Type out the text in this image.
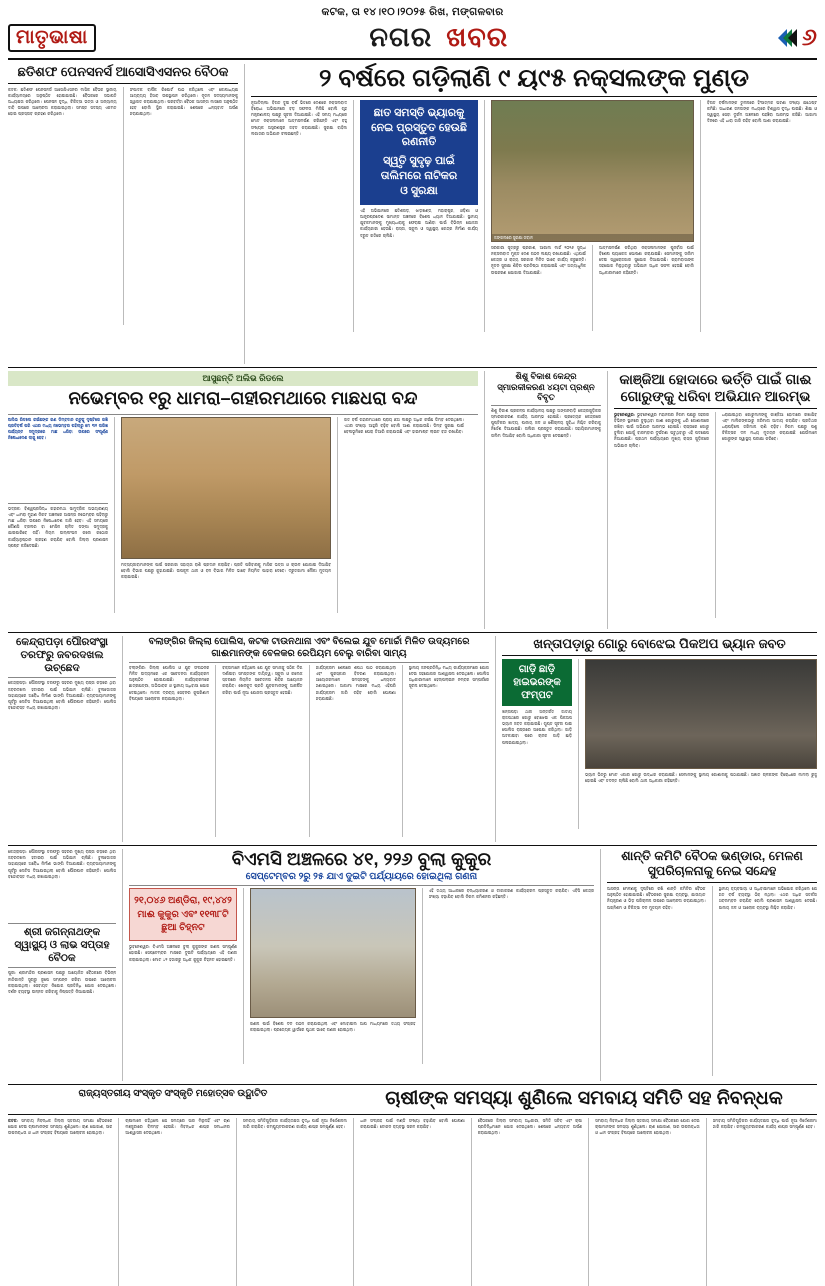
କଟକ, ତା ୧୪।୧୦।୨୦୨୫ ରିଖ, ମଙ୍ଗଳବାର
ମାତୃଭାଷା	ନଗର ଖବର	୬
ଛତିଶଫ ପେନସନର୍ସ ଆସୋସିଏସନର ବୈଠକ
କଟକ: ଛତିଶଫ ପେନସନର୍ସ ଆସୋସିଏସନର ମାସିକ ବୈଠକ ସ୍ଥାନୀୟ କାର୍ଯ୍ୟାଳୟରେ ଅନୁଷ୍ଠିତ ହୋଇଯାଇଛି। ବୈଠକରେ ସଭାପତି ଅଧ୍ୟକ୍ଷତା କରିଥିଲେ। ପେନସନ ବୃଦ୍ଧି, ଚିକିତ୍ସା ଭତ୍ତା ଓ ଅନ୍ୟାନ୍ୟ ଦାବି ଉପରେ ଆଲୋଚନା କରାଯାଇଥିଲା। ସମସ୍ତ ସଦସ୍ୟ ଏକମତ ହୋଇ ପ୍ରସ୍ତାବ ଗ୍ରହଣ କରିଥିଲେ।
ସଂପାଦକ ବାର୍ଷିକ ରିପୋର୍ଟ ପାଠ କରିଥିଲେ ଏବଂ କୋଷାଧ୍ୟକ୍ଷ ଆୟବ୍ୟୟ ହିସାବ ଉପସ୍ଥାପନ କରିଥିଲେ। ନୂତନ ସଦସ୍ୟମାନଙ୍କୁ ସ୍ୱାଗତ କରାଯାଇଥିଲା। ପରବର୍ତ୍ତୀ ବୈଠକ ଆସନ୍ତା ମାସରେ ଅନୁଷ୍ଠିତ ହେବ ବୋଲି ସ୍ଥିର କରାଯାଇଛି। ଶେଷରେ ଧନ୍ୟବାଦ ଅର୍ପଣ କରାଯାଇଥିଲା।
୨ ବର୍ଷରେ ଗଡ଼ିଲାଣି ୯ ୟ୯୫ ନକ୍ସଲଙ୍କ ମୁଣ୍ଡ
ନୂଆଦିଲ୍ଲୀ: ବିଗତ ଦୁଇ ବର୍ଷ ଭିତରେ ଦେଶରେ ନକ୍ସଲବାଦ ବିରୋଧୀ ଅଭିଯାନରେ ବଡ଼ ସଫଳତା ମିଳିଛି ବୋଲି ଗୃହ ମନ୍ତ୍ରଣାଳୟ ପକ୍ଷରୁ ସୂଚନା ଦିଆଯାଇଛି। ଏହି ସମୟ ମଧ୍ୟରେ ମୋଟ ନକ୍ସଲମାନେ ଆତ୍ମସମର୍ପଣ କରିଛନ୍ତି ଏବଂ ବହୁ ସଂଖ୍ୟକ ଅସ୍ତ୍ରଶସ୍ତ୍ର ଜବତ କରାଯାଇଛି। ସୁରକ୍ଷା ବାହିନୀ ଲଗାତାର ଅଭିଯାନ ଚଳାଇଛନ୍ତି।
ଛାତ ସମସ୍ତି ଭ୍ୟାରକୁ
ନେଇ ପ୍ରସ୍ତୁତ ହେଉଛି
ରଣନୀତି
ସ୍ୱୃତି ସୁଦୃଢ଼ ପାଇଁ
ତାଲିମରେ ନାଟିକର
ଓ ସୁରକ୍ଷା
ଏହି ଅଭିଯାନରେ ଛତିଶଗଡ଼, ଝାଡ଼ଖଣ୍ଡ, ମହାରାଷ୍ଟ୍ର, ଓଡ଼ିଶା ଓ ଆନ୍ଧ୍ରପ୍ରଦେଶ ସୀମାନ୍ତ ଅଞ୍ଚଳରେ ବିଶେଷ ଧ୍ୟାନ ଦିଆଯାଇଛି। ସ୍ଥାନୀୟ ଯୁବକମାନଙ୍କୁ ମୁଖ୍ୟଧାରାକୁ ଫେରାଇ ଆଣିବା ପାଇଁ ବିଭିନ୍ନ ଯୋଜନା କାର୍ଯ୍ୟକାରୀ ହେଉଛି। ରାସ୍ତା, ସ୍କୁଲ ଓ ସ୍ୱାସ୍ଥ୍ୟ କେନ୍ଦ୍ର ନିର୍ମାଣ କାର୍ଯ୍ୟ ଦ୍ରୁତ ଗତିରେ ଚାଲିଛି।	ଜଙ୍ଗଲରେ ସୁରକ୍ଷା ଜବାନ
ସରକାରୀ ସୂତ୍ରରୁ ପ୍ରକାଶ, ଆଗାମୀ ମାର୍ଚ୍ଚ ୨୦୨୬ ସୁଦ୍ଧା ନକ୍ସଲବାଦ ମୁକ୍ତ ଦେଶ ଗଠନ ଲକ୍ଷ୍ୟ ରଖାଯାଇଛି। ଏଥିପାଇଁ କେନ୍ଦ୍ର ଓ ରାଜ୍ୟ ସରକାର ମିଳିତ ଭାବେ କାର୍ଯ୍ୟ କରୁଛନ୍ତି। ନୂତନ ସୁରକ୍ଷା ଶିବିର ପ୍ରତିଷ୍ଠା କରାଯାଇଛି ଏବଂ ଅତ୍ୟାଧୁନିକ ଉପକରଣ ଯୋଗାଇ ଦିଆଯାଇଛି।
ଆତ୍ମସମର୍ପଣ କରିଥିବା ନକ୍ସଲମାନଙ୍କ ପୁନର୍ବାସ ପାଇଁ ବିଶେଷ ପ୍ୟାକେଜ ଘୋଷଣା କରାଯାଇଛି। ସେମାନଙ୍କୁ ତାଲିମ ଦେଇ ସ୍ୱରୋଜଗାର ସୁଯୋଗ ଦିଆଯାଉଛି। ଗ୍ରାମବାସୀଙ୍କ ସହଯୋଗ ମିଳୁଥିବାରୁ ଅଭିଯାନ ଅଧିକ ସଫଳ ହେଉଛି ବୋଲି ଅଧିକାରୀମାନେ କହିଛନ୍ତି।
ବିଗତ ବର୍ଷମାନଙ୍କ ତୁଳନାରେ ହିଂସାତ୍ମକ ଘଟଣା ସଂଖ୍ୟା ଯଥେଷ୍ଟ କମିଛି। ସାଧାରଣ ଜନତାଙ୍କ ମଧ୍ୟରେ ବିଶ୍ୱାସ ବୃଦ୍ଧି ପାଇଛି। ଶିକ୍ଷା ଓ ସ୍ୱାସ୍ଥ୍ୟ ସେବା ଦୁର୍ଗମ ଅଞ୍ଚଳରେ ପହଞ୍ଚିବା ଆରମ୍ଭ କରିଛି। ଆଗାମୀ ଦିନରେ ଏହି ଧାରା ଜାରି ରହିବ ବୋଲି ଆଶା କରାଯାଉଛି।
ଆସୁଛନ୍ତି ଅଲିଭ ରିଡଲେ
ନଭେମ୍ବର ୧ରୁ ଧାମରା–ଗହୀରମଥାରେ ମାଛଧରା ବନ୍ଦ
ଅଲିଭ ରିଡଲେ କଇଁଛଙ୍କ ଗଣ ଡିମ୍ବଦାନ ଋତୁକୁ ଦୃଷ୍ଟିରେ ରଖି ପ୍ରତିବର୍ଷ ପରି ଏଥର ମଧ୍ୟ ନଭେମ୍ବର ପହିଲାରୁ ମେ ୩୧ ତାରିଖ ପର୍ଯ୍ୟନ୍ତ ସମୁଦ୍ରରେ ମାଛ ଧରିବା ଉପରେ ସଂପୂର୍ଣ୍ଣ ନିଷେଧାଦେଶ ଲାଗୁ ହେବ।
ଭଦ୍ରକ: ବିଶ୍ୱପ୍ରସିଦ୍ଧ ଗହୀରମଥା ସାମୁଦ୍ରିକ ଅଭୟାରଣ୍ୟ ଏବଂ ଧାମରା ମୁହାଣ ନିକଟ ଅଞ୍ଚଳରେ ଆସନ୍ତା ନଭେମ୍ବର ପହିଲାରୁ ମାଛ ଧରିବା ଉପରେ ନିଷେଧାଦେଶ ଜାରି ହେବ। ଏହି ସମୟରେ କୌଣସି ଟ୍ରଲର ବା ମେସିନ ଚାଳିତ ଡଙ୍ଗା ସମୁଦ୍ରକୁ ଯାଇପାରିବେ ନାହିଁ। ନିୟମ ଉଲ୍ଲଂଘନ କଲେ କଠୋର କାର୍ଯ୍ୟାନୁଷ୍ଠାନ ଗ୍ରହଣ କରାଯିବ ବୋଲି ଜିଲ୍ଲା ପ୍ରଶାସନ ସ୍ପଷ୍ଟ କରିଦେଇଛି।
ମତ୍ସ୍ୟଜୀବୀମାନଙ୍କ ପାଇଁ ସରକାରୀ ସହାୟତା ରାଶି ପ୍ରଦାନ କରାଯିବ। ପ୍ରତି ପରିବାରକୁ ମାସିକ ଭତ୍ତା ଓ ଚାଉଳ ଯୋଗାଇ ଦିଆଯିବ ବୋଲି ବିଭାଗ ପକ୍ଷରୁ କୁହାଯାଇଛି। ଉପକୂଳ ଥାନା ଓ ବନ ବିଭାଗ ମିଳିତ ଭାବେ ନିୟମିତ ପାହାରା ଦେବେ। ଦ୍ରୁତଗାମୀ ନୌକା ମୁତୟନ କରାଯାଇଛି।
ଗତ ବର୍ଷ ଗହୀରମଥାରେ ପ୍ରାୟ ଛଅ ଲକ୍ଷରୁ ଅଧିକ କଇଁଛ ଡିମ୍ବ ଦେଇଥିଲେ। ଏଥର ସଂଖ୍ୟା ଆହୁରି ବଢ଼ିବ ବୋଲି ଆଶା କରାଯାଉଛି। ଡିମ୍ବ ସୁରକ୍ଷା ପାଇଁ ବେଳାଭୂମିରେ ଘେରା ତିଆରି କରାଯାଉଛି ଏବଂ ହାଇମାଷ୍ଟ ଲାଇଟ ବନ୍ଦ ରଖାଯିବ।
ଶିଶୁ ବିକାଶ କେନ୍ଦ୍ର ସ୍ମାରକୀକରଣ ୪ୟଟା ପ୍ରଶ୍ନ ବିବୃତ
ଶିଶୁ ବିକାଶ ପ୍ରକଳ୍ପ କାର୍ଯ୍ୟାଳୟ ପକ୍ଷରୁ ଅଙ୍ଗନବାଡ଼ି କେନ୍ଦ୍ରଗୁଡ଼ିକର ସ୍ମାରକୀକରଣ କାର୍ଯ୍ୟ ଆରମ୍ଭ ହୋଇଛି। ପ୍ରତ୍ୟେକ କେନ୍ଦ୍ରରେ ପୁଷ୍ଟିକର ଖାଦ୍ୟ, ପାନୀୟ ଜଳ ଓ ଶୌଚାଳୟ ସୁବିଧା ନିଶ୍ଚିତ କରିବାକୁ ନିର୍ଦ୍ଦେଶ ଦିଆଯାଇଛି। ତାଲିକା ପ୍ରସ୍ତୁତ କରାଯାଉଛି। ସହାୟିକାମାନଙ୍କୁ ତାଲିମ ଦିଆଯିବ ବୋଲି ଅଧିକାରୀ ସୂଚନା ଦେଇଛନ୍ତି।
କାଞ୍ଜିଆ ହୋଦାରେ ଭର୍ତ୍ତି ପାଇଁ ଗାଈ ଗୋରୁଙ୍କୁ ଧରିବା ଅଭିଯାନ ଆରମ୍ଭ
ଭୁବନେଶ୍ୱର: ଭୁବନେଶ୍ୱର ମହାନଗର ନିଗମ ପକ୍ଷରୁ ସହରର ବିଭିନ୍ନ ସ୍ଥାନରେ ବୁଲୁଥିବା ଗାଈ ଗୋରୁଙ୍କୁ ଧରି ଗୋଶାଳାରେ ରଖିବା ପାଇଁ ଅଭିଯାନ ଆରମ୍ଭ ହୋଇଛି। ରାସ୍ତାରେ ଗୋରୁ ବୁଲିବା ଯୋଗୁଁ ବାରମ୍ବାର ଦୁର୍ଘଟଣା ଘଟୁଥିବାରୁ ଏହି ପଦକ୍ଷେପ ନିଆଯାଇଛି। ପ୍ରଥମ ପର୍ଯ୍ୟାୟରେ ମୁଖ୍ୟ ରାସ୍ତା ଗୁଡ଼ିକରେ ଅଭିଯାନ ଚାଲିବ।
ଧରାଯାଇଥିବା ଗୋରୁମାନଙ୍କୁ କାଞ୍ଜିଆ ହୋଦାରେ ରଖାଯିବ ଏବଂ ମାଲିକଙ୍କଠାରୁ ଜରିମାନା ଆଦାୟ କରାଯିବ। ପ୍ରତିଥର ଧରାପଡ଼ିଲେ ଜରିମାନା ରାଶି ବଢ଼ିବ। ନିଗମ ପକ୍ଷରୁ ପଶୁ ଚିକିତ୍ସକ ଦଳ ମଧ୍ୟ ମୁତୟନ କରାଯାଇଛି ଯେଉଁମାନେ ଗୋରୁଙ୍କ ସ୍ୱାସ୍ଥ୍ୟ ପରୀକ୍ଷା କରିବେ।
କେନ୍ଦ୍ରାପଡ଼ା ପୌରସଂସ୍ଥା ତରଫରୁ ଜବରଦଖଲ ଉଚ୍ଛେଦ
କେନ୍ଦ୍ରାପଡ଼ା: ପୌରସଂସ୍ଥା ତରଫରୁ ସହରର ମୁଖ୍ୟ ରାସ୍ତା କଡ଼ରେ ଥିବା ଜବରଦଖଲ ହଟାଇବା ପାଇଁ ଅଭିଯାନ ଚାଲିଛି। ବୁଲଡୋଜର ସାହାଯ୍ୟରେ ଅବୈଧ ନିର୍ମାଣ ଭାଙ୍ଗି ଦିଆଯାଇଛି। ବ୍ୟବସାୟୀମାନଙ୍କୁ ପୂର୍ବରୁ ନୋଟିସ ଦିଆଯାଇଥିଲା ବୋଲି ପୌରପାଳ କହିଛନ୍ତି। ପୋଲିସ ବନ୍ଦୋବସ୍ତ ମଧ୍ୟ ରଖାଯାଇଥିଲା।
ବଲାଙ୍ଗିର ଜିଲ୍ଲା ପୋଲିସ, କଟକ ଟାଉନଥାନା ଏବଂ ବିଲେଇ ଯୁବ ମୋର୍ଚ୍ଚା ମିଳିତ ଉଦ୍ୟମରେ ଗାଈମାନଙ୍କ ବେଳକର ରେପିୟମ ବେଲୁ ବାରିବା ସାମ୍ୟ
ବଲାଙ୍ଗିର: ଜିଲ୍ଲା ପୋଲିସ ଓ ଯୁବ ସଂଗଠନର ମିଳିତ ଉଦ୍ୟମରେ ଏକ ସଚେତନତା କାର୍ଯ୍ୟକ୍ରମ ଅନୁଷ୍ଠିତ ହୋଇଯାଇଛି। କାର୍ଯ୍ୟକ୍ରମରେ ଛାତ୍ରଛାତ୍ରୀ, ଅଭିଭାବକ ଓ ସ୍ଥାନୀୟ ଅଧିବାସୀ ଯୋଗ ଦେଇଥିଲେ। ମାଦକ ଦ୍ରବ୍ୟ ସେବନର କୁପରିଣାମ ବିଷୟରେ ଆଲୋଚନା କରାଯାଇଥିଲା।
ବକ୍ତାମାନେ କହିଥିଲେ ଯେ ଯୁବ ସମାଜକୁ ସଠିକ ଦିଗ ଦର୍ଶାଇବା ସମସ୍ତଙ୍କ ଦାୟିତ୍ୱ। ସ୍କୁଲ ଓ କଲେଜ ସ୍ତରରେ ନିୟମିତ ସଚେତନତା ଶିବିର ଆୟୋଜନ କରାଯିବ। ଖେଳକୁଦ ପ୍ରତି ଯୁବକମାନଙ୍କୁ ଆକର୍ଷିତ କରିବା ପାଇଁ ନୂଆ ଯୋଜନା ପ୍ରସ୍ତୁତ ହେଉଛି।
କାର୍ଯ୍ୟକ୍ରମ ଶେଷରେ ଶପଥ ପାଠ କରାଯାଇଥିଲା ଏବଂ ପୁରସ୍କାର ବିତରଣ କରାଯାଇଥିଲା। ଆୟୋଜକମାନେ ସମସ୍ତଙ୍କୁ ଧନ୍ୟବାଦ ଜଣାଇଥିଲେ। ଆଗାମୀ ମାସରେ ମଧ୍ୟ ଏହିପରି କାର୍ଯ୍ୟକ୍ରମ ଜାରି ରହିବ ବୋଲି ଘୋଷଣା କରାଯାଇଛି।
ସ୍ଥାନୀୟ ଜନପ୍ରତିନିଧି ମଧ୍ୟ କାର୍ଯ୍ୟକ୍ରମରେ ଯୋଗ ଦେଇ ସହଯୋଗର ଆଶ୍ୱାସନା ଦେଇଥିଲେ। ପୋଲିସ ଅଧିକାରୀମାନେ ହେଲ୍ପଲାଇନ ନମ୍ବର ସମ୍ପର୍କରେ ସୂଚନା ଦେଇଥିଲେ।
ଖନ୍ତାପଡ଼ାରୁ ଗୋରୁ ବୋଝେଇ ପିକଅପ ଭ୍ୟାନ ଜବତ
ଗାଡ଼ି ଛାଡ଼ି ହାଇଭରଙ୍କ ଫମ୍ପଟ
ଖନ୍ତାପଡ଼ା ଥାନା ଅନ୍ତର୍ଗତ ଜାତୀୟ ରାଜପଥରେ ଗୋରୁ ବୋଝେଇ ଏକ ପିକଅପ ଭ୍ୟାନ ଜବତ କରାଯାଇଛି। ଗୁପ୍ତ ସୂଚନା ପାଇ ପୋଲିସ ରାସ୍ତାରେ ଅପେକ୍ଷା କରିଥିଲା। ଗାଡ଼ି ଅଟକାଇବା ପରେ ଚାଳକ ଗାଡ଼ି ଛାଡ଼ି ପଳାଇଯାଇଥିଲା।
ଭ୍ୟାନ ଭିତରୁ ମୋଟ ଏଗାର ଗୋରୁ ଉଦ୍ଧାର କରାଯାଇଛି। ସେମାନଙ୍କୁ ସ୍ଥାନୀୟ ଗୋଶାଳାକୁ ପଠାଯାଇଛି। ଅଜ୍ଞାତ ଚାଳକଙ୍କ ବିରୋଧରେ ମାମଲା ରୁଜୁ ହୋଇଛି ଏବଂ ତଦନ୍ତ ଚାଲିଛି ବୋଲି ଥାନା ଅଧିକାରୀ କହିଛନ୍ତି।
କେନ୍ଦ୍ରାପଡ଼ା: ପୌରସଂସ୍ଥା ତରଫରୁ ସହରର ମୁଖ୍ୟ ରାସ୍ତା କଡ଼ରେ ଥିବା ଜବରଦଖଲ ହଟାଇବା ପାଇଁ ଅଭିଯାନ ଚାଲିଛି। ବୁଲଡୋଜର ସାହାଯ୍ୟରେ ଅବୈଧ ନିର୍ମାଣ ଭାଙ୍ଗି ଦିଆଯାଇଛି। ବ୍ୟବସାୟୀମାନଙ୍କୁ ପୂର୍ବରୁ ନୋଟିସ ଦିଆଯାଇଥିଲା ବୋଲି ପୌରପାଳ କହିଛନ୍ତି। ପୋଲିସ ବନ୍ଦୋବସ୍ତ ମଧ୍ୟ ରଖାଯାଇଥିଲା।
ଶ୍ରୀ ଜଗନ୍ନାଥଙ୍କ ସ୍ୱାସ୍ଥ୍ୟ ଓ ଲାଭ ସପ୍ତାହ ବୈଠକ
ପୁରୀ: ଶ୍ରୀମନ୍ଦିର ପ୍ରଶାସନ ପକ୍ଷରୁ ଆୟୋଜିତ ବୈଠକରେ ବିଭିନ୍ନ ନୀତିକାନ୍ତି ସୁଚାରୁ ରୂପେ ସମ୍ପନ୍ନ କରିବା ଉପରେ ଆଲୋଚନା କରାଯାଇଥିଲା। ସେବାୟତ ନିଯୋଗ ପ୍ରତିନିଧି ଯୋଗ ଦେଇଥିଲେ। ଦର୍ଶନ ବ୍ୟବସ୍ଥା ଉନ୍ନତ କରିବାକୁ ନିଷ୍ପତ୍ତି ନିଆଯାଇଛି।
ବିଏମସି ଅଞ୍ଚଳରେ ୪୧, ୨୨୬ ବୁଲା କୁକୁର
ସେପ୍ଟେମ୍ବର ୨ରୁ ୨୫ ଯାଏ ଦୁଇଟି ପର୍ଯ୍ୟାୟରେ ହୋଇଥିଲା ଗଣନା
୨୧,୦୪୬ ଅଣ୍ଡିରା, ୧୯,୪୪୨ ମାଈ କୁକୁର ଏବଂ ୧୧୩୮ଟି ଛୁଆ ଚିହ୍ନଟ
ଭୁବନେଶ୍ୱର: ବିଏମସି ଅଞ୍ଚଳରେ ବୁଲା କୁକୁରଙ୍କ ଗଣନା ସମ୍ପୂର୍ଣ୍ଣ ହୋଇଛି। ସେପ୍ଟେମ୍ବର ମାସରେ ଦୁଇଟି ପର୍ଯ୍ୟାୟରେ ଏହି ଗଣନା କରାଯାଇଥିଲା। ମୋଟ ୪୧ ହଜାରରୁ ଅଧିକ କୁକୁର ଚିହ୍ନଟ ହୋଇଛନ୍ତି।
ଗଣନା ପାଇଁ ବିଶେଷ ଦଳ ଗଠନ କରାଯାଇଥିଲା ଏବଂ ମୋବାଇଲ ଆପ ମାଧ୍ୟମରେ ତଥ୍ୟ ସଂଗ୍ରହ କରାଯାଇଥିଲା। ପ୍ରତ୍ୟେକ ୱାର୍ଡରେ ପୃଥକ ଭାବେ ଗଣନା ହୋଇଥିଲା।
ଏହି ତଥ୍ୟ ଆଧାରରେ ବନ୍ଧ୍ୟାକରଣ ଓ ଟୀକାକରଣ କାର୍ଯ୍ୟକ୍ରମ ପ୍ରସ୍ତୁତ କରାଯିବ। ଏବିସି କେନ୍ଦ୍ର ସଂଖ୍ୟା ବଢ଼ାଯିବ ବୋଲି ନିଗମ କମିଶନର କହିଛନ୍ତି।
ଶାନ୍ତି କମିଟି ବୈଠକ ଭଣ୍ଡାର, ମେଳଣ ସୁପରିଚାଳନାକୁ ନେଇ ସନ୍ଦେହ
ଆସନ୍ତା ମେଳଣକୁ ଦୃଷ୍ଟିରେ ରଖି ଶାନ୍ତି କମିଟିର ବୈଠକ ଅନୁଷ୍ଠିତ ହୋଇଯାଇଛି। ବୈଠକରେ ସୁରକ୍ଷା ବ୍ୟବସ୍ଥା, ଯାତାୟାତ ନିୟନ୍ତ୍ରଣ ଓ ଭିଡ଼ ପରିଚାଳନା ଉପରେ ଆଲୋଚନା କରାଯାଇଥିଲା। ଅଗ୍ନିଶମ ଓ ଚିକିତ୍ସା ଦଳ ମୁତୟନ ରହିବ।
ସ୍ଥାନୀୟ ବ୍ୟବସାୟୀ ଓ ଅଧିବାସୀମାନେ ଅଭିଯୋଗ କରିଥିଲେ ଯେ ଗତ ବର୍ଷ ବ୍ୟବସ୍ଥା ଠିକ୍ ନଥିଲା। ଏଥର ଅଧିକ ସତର୍କତା ଅବଲମ୍ବନ କରାଯିବ ବୋଲି ପ୍ରଶାସନ ଆଶ୍ୱାସନା ଦେଇଛି। ପାନୀୟ ଜଳ ଓ ଆଲୋକ ବ୍ୟବସ୍ଥା ନିଶ୍ଚିତ କରାଯିବ।
ରାଜ୍ୟସ୍ତରୀୟ ସଂସ୍କୃତ ସଂସ୍କୃତି ମହୋତ୍ସବ ଉଦ୍ଘାଟିତ	ଚାଷୀଙ୍କ ସମସ୍ୟା ଶୁଣିଲେ ସମବାୟ ସମିତି ସହ ନିବନ୍ଧକ
କଟକ: ସମବାୟ ନିବନ୍ଧକ ଜିଲ୍ଲା ସ୍ତରୀୟ ସମୀକ୍ଷା ବୈଠକରେ ଯୋଗ ଦେଇ ଚାଷୀମାନଙ୍କ ସମସ୍ୟା ଶୁଣିଥିଲେ। ଋଣ ଯୋଗାଣ, ସାର ଉପଲବ୍ଧତା ଓ ଧାନ ସଂଗ୍ରହ ବିଷୟରେ ଆଲୋଚନା ହୋଇଥିଲା।
ଚାଷୀମାନେ କହିଥିଲେ ଯେ ସମୟରେ ସାର ମିଳୁନାହିଁ ଏବଂ ଋଣ ମଞ୍ଜୁରୀରେ ବିଳମ୍ବ ହେଉଛି। ନିବନ୍ଧକ ଶୀଘ୍ର ସମାଧାନର ଆଶ୍ୱାସନା ଦେଇଥିଲେ।
ସମବାୟ ସମିତିଗୁଡ଼ିକର କାର୍ଯ୍ୟଦକ୍ଷତା ବୃଦ୍ଧି ପାଇଁ ନୂଆ ନିର୍ଦ୍ଦେଶନାମା ଜାରି କରାଯିବ। କମ୍ପ୍ୟୁଟରୀକରଣ କାର୍ଯ୍ୟ ଶୀଘ୍ର ସମ୍ପୂର୍ଣ୍ଣ ହେବ।
ଧାନ ସଂଗ୍ରହ ପାଇଁ ମଣ୍ଡି ସଂଖ୍ୟା ବଢ଼ାଯିବ ବୋଲି ଘୋଷଣା କରାଯାଇଛି। ଟୋକନ ବ୍ୟବସ୍ଥା ସରଳ କରାଯିବ।
ବୈଠକରେ ଜିଲ୍ଲା ସମବାୟ ଅଧିକାରୀ, ସମିତି ସଚିବ ଏବଂ ଚାଷୀ ପ୍ରତିନିଧିମାନେ ଯୋଗ ଦେଇଥିଲେ। ଶେଷରେ ଧନ୍ୟବାଦ ଅର୍ପଣ କରାଯାଇଥିଲା।
ସମବାୟ ନିବନ୍ଧକ ଜିଲ୍ଲା ସ୍ତରୀୟ ସମୀକ୍ଷା ବୈଠକରେ ଯୋଗ ଦେଇ ଚାଷୀମାନଙ୍କ ସମସ୍ୟା ଶୁଣିଥିଲେ। ଋଣ ଯୋଗାଣ, ସାର ଉପଲବ୍ଧତା ଓ ଧାନ ସଂଗ୍ରହ ବିଷୟରେ ଆଲୋଚନା ହୋଇଥିଲା।
ସମବାୟ ସମିତିଗୁଡ଼ିକର କାର୍ଯ୍ୟଦକ୍ଷତା ବୃଦ୍ଧି ପାଇଁ ନୂଆ ନିର୍ଦ୍ଦେଶନାମା ଜାରି କରାଯିବ। କମ୍ପ୍ୟୁଟରୀକରଣ କାର୍ଯ୍ୟ ଶୀଘ୍ର ସମ୍ପୂର୍ଣ୍ଣ ହେବ।
